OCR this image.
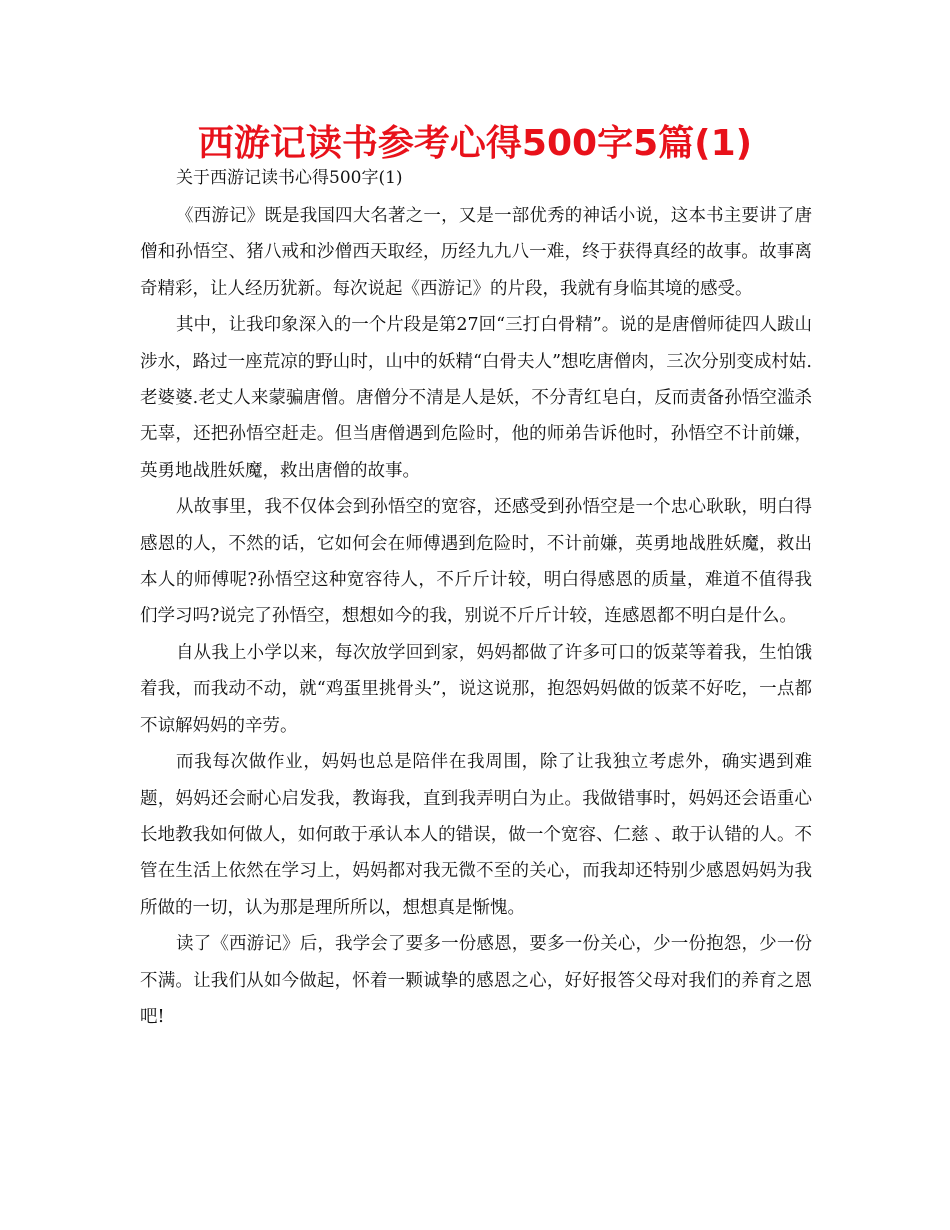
西游记读书参考心得500字5篇(1)

关于西游记读书心得500字(1)

《西游记》既是我国四大名著之一，又是一部优秀的神话小说，这本书主要讲了唐僧和孙悟空、猪八戒和沙僧西天取经，历经九九八一难，终于获得真经的故事。故事离奇精彩，让人经历犹新。每次说起《西游记》的片段，我就有身临其境的感受。

其中，让我印象深入的一个片段是第27回“三打白骨精”。说的是唐僧师徒四人跋山涉水，路过一座荒凉的野山时，山中的妖精“白骨夫人”想吃唐僧肉，三次分别变成村姑.老婆婆.老丈人来蒙骗唐僧。唐僧分不清是人是妖，不分青红皂白，反而责备孙悟空滥杀无辜，还把孙悟空赶走。但当唐僧遇到危险时，他的师弟告诉他时，孙悟空不计前嫌，英勇地战胜妖魔，救出唐僧的故事。

从故事里，我不仅体会到孙悟空的宽容，还感受到孙悟空是一个忠心耿耿，明白得感恩的人，不然的话，它如何会在师傅遇到危险时，不计前嫌，英勇地战胜妖魔，救出本人的师傅呢?孙悟空这种宽容待人，不斤斤计较，明白得感恩的质量，难道不值得我们学习吗?说完了孙悟空，想想如今的我，别说不斤斤计较，连感恩都不明白是什么。

自从我上小学以来，每次放学回到家，妈妈都做了许多可口的饭菜等着我，生怕饿着我，而我动不动，就“鸡蛋里挑骨头”，说这说那，抱怨妈妈做的饭菜不好吃，一点都不谅解妈妈的辛劳。

而我每次做作业，妈妈也总是陪伴在我周围，除了让我独立考虑外，确实遇到难题，妈妈还会耐心启发我，教诲我，直到我弄明白为止。我做错事时，妈妈还会语重心长地教我如何做人，如何敢于承认本人的错误，做一个宽容、仁慈 、敢于认错的人。不管在生活上依然在学习上，妈妈都对我无微不至的关心，而我却还特别少感恩妈妈为我所做的一切，认为那是理所所以，想想真是惭愧。

读了《西游记》后，我学会了要多一份感恩，要多一份关心，少一份抱怨，少一份不满。让我们从如今做起，怀着一颗诚挚的感恩之心，好好报答父母对我们的养育之恩吧!
